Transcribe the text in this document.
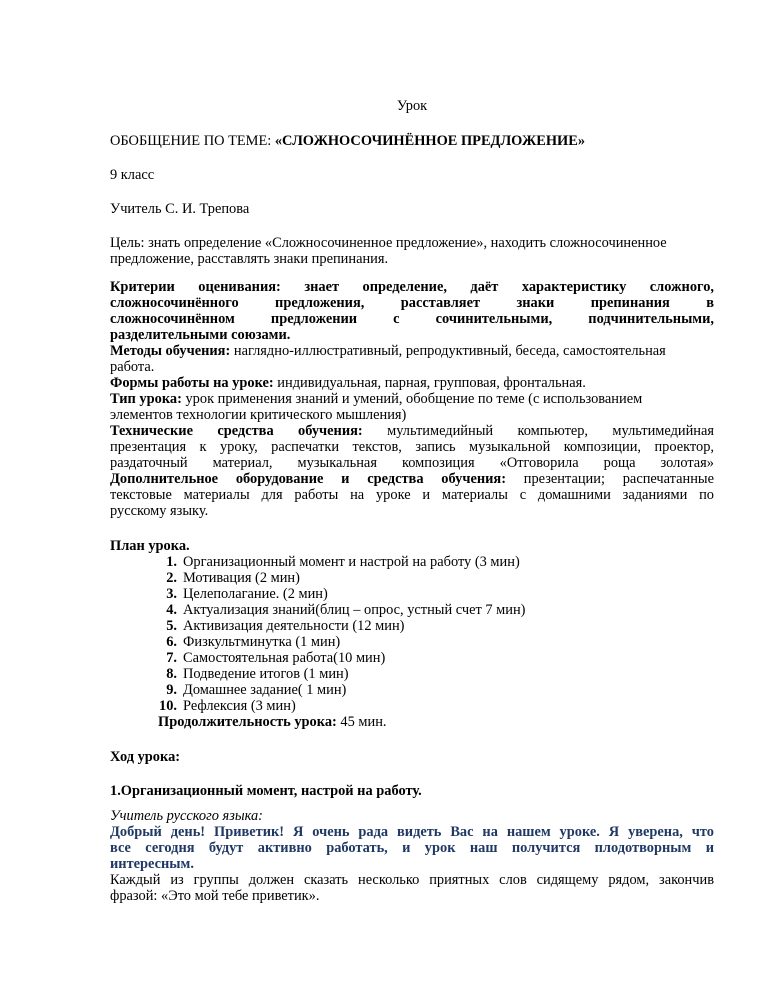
Урок
ОБОБЩЕНИЕ ПО ТЕМЕ: «СЛОЖНОСОЧИНЁННОЕ ПРЕДЛОЖЕНИЕ»
9 класс
Учитель С. И. Трепова
Цель: знать определение «Сложносочиненное предложение», находить сложносочиненное
предложение, расставлять знаки препинания.
Критерии оценивания: знает определение, даёт характеристику сложного,
сложносочинённого предложения, расставляет знаки препинания в
сложносочинённом предложении с сочинительными, подчинительными,
разделительными союзами.
Методы обучения: наглядно-иллюстративный, репродуктивный, беседа, самостоятельная
работа.
Формы работы на уроке: индивидуальная, парная, групповая, фронтальная.
Тип урока: урок применения знаний и умений, обобщение по теме (с использованием
элементов технологии критического мышления)
Технические средства обучения: мультимедийный компьютер, мультимедийная
презентация к уроку, распечатки текстов, запись музыкальной композиции, проектор,
раздаточный материал, музыкальная композиция «Отговорила роща золотая»
Дополнительное оборудование и средства обучения: презентации; распечатанные
текстовые материалы для работы на уроке и материалы с домашними заданиями по
русскому языку.
План урока.
1. Организационный момент и настрой на работу (3 мин)
2. Мотивация (2 мин)
3. Целеполагание. (2 мин)
4. Актуализация знаний(блиц – опрос, устный счет 7 мин)
5. Активизация деятельности (12 мин)
6. Физкультминутка (1 мин)
7. Самостоятельная работа(10 мин)
8. Подведение итогов (1 мин)
9. Домашнее задание( 1 мин)
10. Рефлексия (3 мин)
Продолжительность урока: 45 мин.
Ход урока:
1.Организационный момент, настрой на работу.
Учитель русского языка:
Добрый день! Приветик! Я очень рада видеть Вас на нашем уроке. Я уверена, что
все сегодня будут активно работать, и урок наш получится плодотворным и
интересным.
Каждый из группы должен сказать несколько приятных слов сидящему рядом, закончив
фразой: «Это мой тебе приветик».
